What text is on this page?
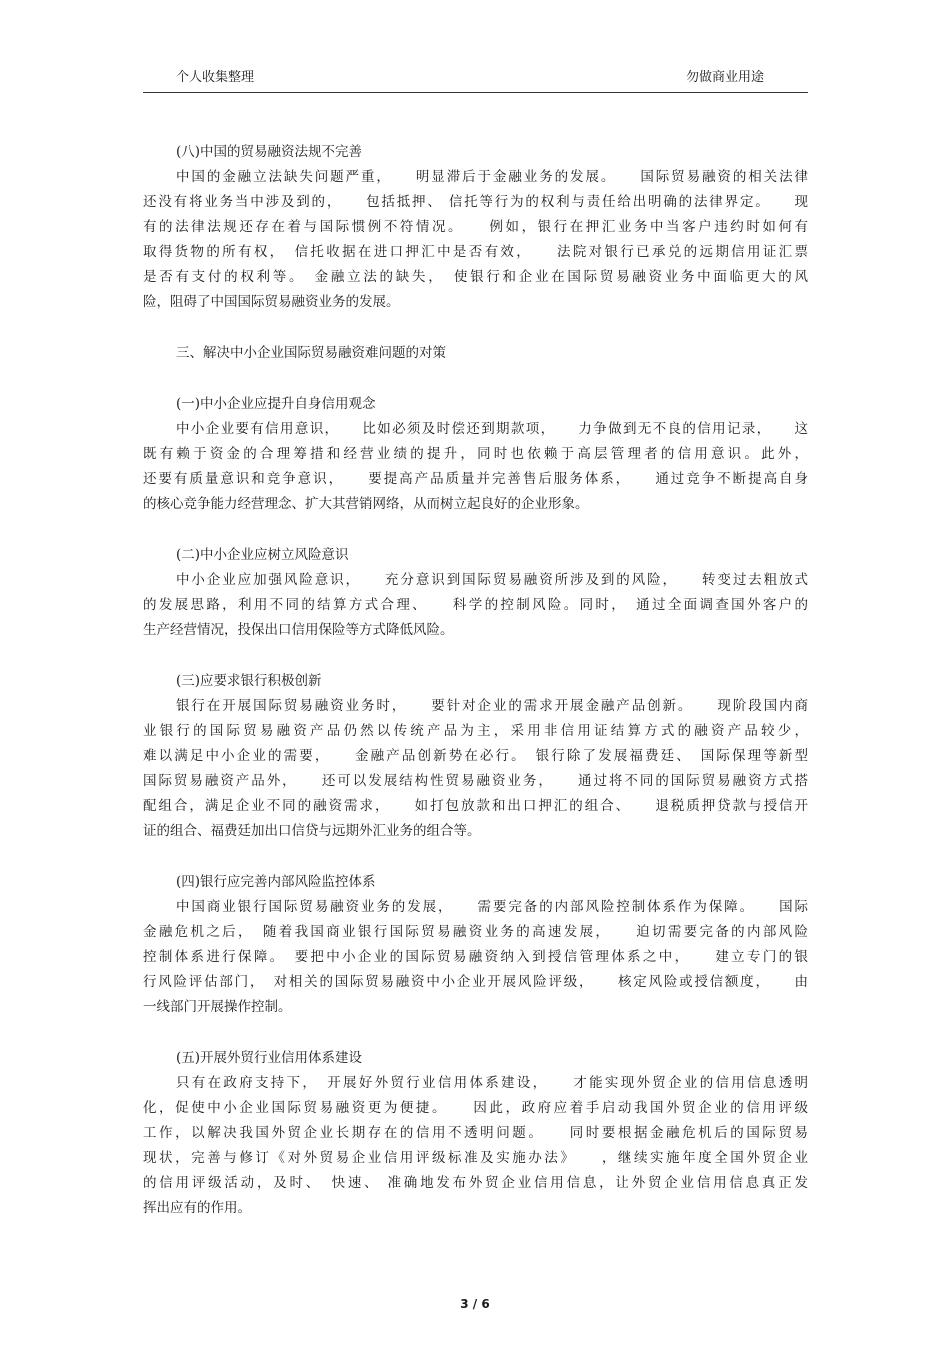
个人收集整理	勿做商业用途
(八)中国的贸易融资法规不完善
中国的金融立法缺失问题严重，　　明显滞后于金融业务的发展。　　国际贸易融资的相关法律
还没有将业务当中涉及到的，　　包括抵押、 信托等行为的权利与责任给出明确的法律界定。　　现
有的法律法规还存在着与国际惯例不符情况。　　例如，银行在押汇业务中当客户违约时如何有
取得货物的所有权，　信托收据在进口押汇中是否有效，　　法院对银行已承兑的远期信用证汇票
是否有支付的权利等。　金融立法的缺失，　使银行和企业在国际贸易融资业务中面临更大的风
险，阻碍了中国国际贸易融资业务的发展。
三、解决中小企业国际贸易融资难问题的对策
(一)中小企业应提升自身信用观念
中小企业要有信用意识，　　比如必须及时偿还到期款项，　　力争做到无不良的信用记录，　　这
既有赖于资金的合理筹措和经营业绩的提升，同时也依赖于高层管理者的信用意识。此外，
还要有质量意识和竞争意识，　　要提高产品质量并完善售后服务体系，　　通过竞争不断提高自身
的核心竞争能力经营理念、扩大其营销网络，从而树立起良好的企业形象。
(二)中小企业应树立风险意识
中小企业应加强风险意识，　　充分意识到国际贸易融资所涉及到的风险，　　转变过去粗放式
的发展思路，利用不同的结算方式合理、　　科学的控制风险。同时，　通过全面调查国外客户的
生产经营情况，投保出口信用保险等方式降低风险。
(三)应要求银行积极创新
银行在开展国际贸易融资业务时，　　要针对企业的需求开展金融产品创新。　　现阶段国内商
业银行的国际贸易融资产品仍然以传统产品为主，采用非信用证结算方式的融资产品较少，
难以满足中小企业的需要，　　金融产品创新势在必行。　银行除了发展福费廷、　国际保理等新型
国际贸易融资产品外，　　还可以发展结构性贸易融资业务，　　通过将不同的国际贸易融资方式搭
配组合，满足企业不同的融资需求，　　如打包放款和出口押汇的组合、　　退税质押贷款与授信开
证的组合、福费廷加出口信贷与远期外汇业务的组合等。
(四)银行应完善内部风险监控体系
中国商业银行国际贸易融资业务的发展，　　需要完备的内部风险控制体系作为保障。　　国际
金融危机之后，　随着我国商业银行国际贸易融资业务的高速发展，　　迫切需要完备的内部风险
控制体系进行保障。　要把中小企业的国际贸易融资纳入到授信管理体系之中，　　建立专门的银
行风险评估部门，　对相关的国际贸易融资中小企业开展风险评级，　　核定风险或授信额度，　　由
一线部门开展操作控制。
(五)开展外贸行业信用体系建设
只有在政府支持下，　开展好外贸行业信用体系建设，　　才能实现外贸企业的信用信息透明
化，促使中小企业国际贸易融资更为便捷。　　因此，政府应着手启动我国外贸企业的信用评级
工作，以解决我国外贸企业长期存在的信用不透明问题。　　同时要根据金融危机后的国际贸易
现状，完善与修订《对外贸易企业信用评级标准及实施办法》　　，继续实施年度全国外贸企业
的信用评级活动，及时、　快速、 准确地发布外贸企业信用信息，让外贸企业信用信息真正发
挥出应有的作用。
3 / 6
